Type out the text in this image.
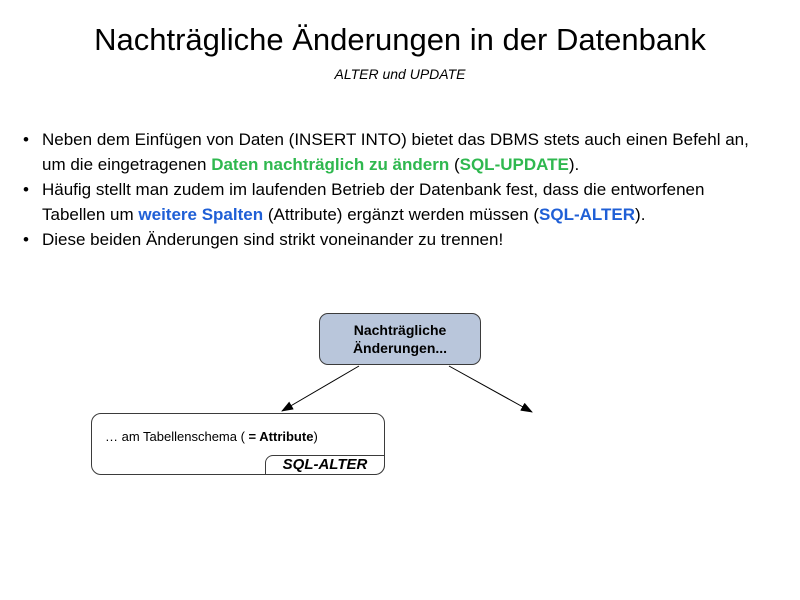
Nachträgliche Änderungen in der Datenbank
ALTER und UPDATE
• Neben dem Einfügen von Daten (INSERT INTO) bietet das DBMS stets auch einen Befehl an,
um die eingetragenen Daten nachträglich zu ändern (SQL-UPDATE).
• Häufig stellt man zudem im laufenden Betrieb der Datenbank fest, dass die entworfenen
Tabellen um weitere Spalten (Attribute) ergänzt werden müssen (SQL-ALTER).
• Diese beiden Änderungen sind strikt voneinander zu trennen!
Nachträgliche
Änderungen...
… am Tabellenschema ( = Attribute)
SQL-ALTER
